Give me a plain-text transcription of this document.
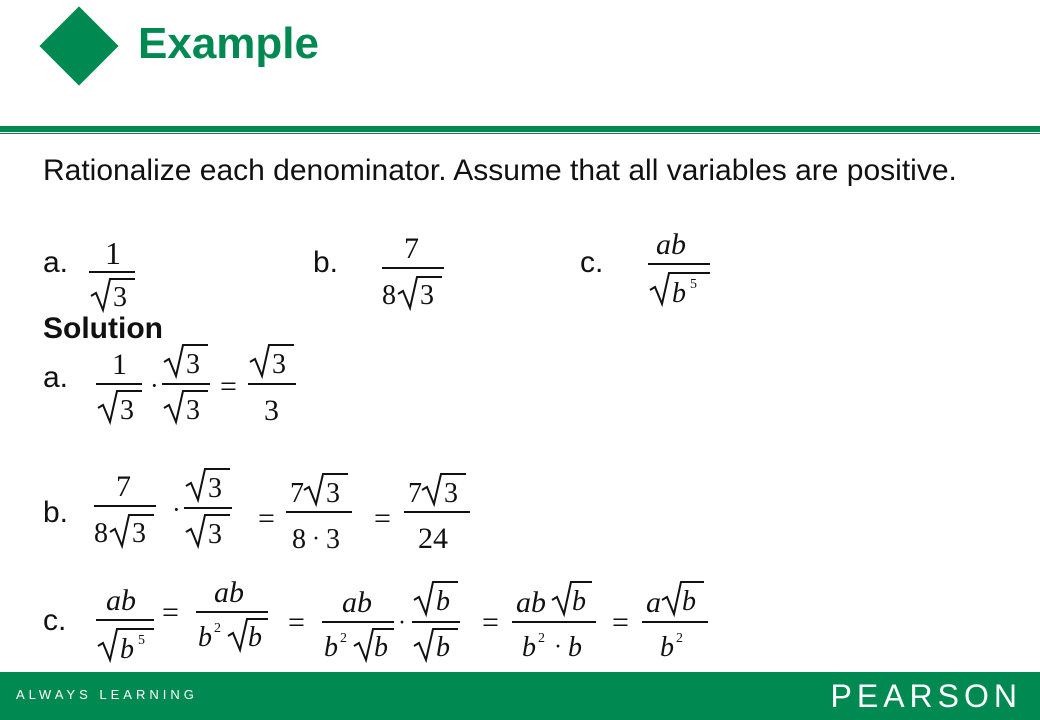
Example
Rationalize each denominator. Assume that all variables are positive.
a.	b.	c.
1
3
7
8 3
ab
b 5
Solution
a.
b.
c.
1
3
·
3
3
=
3
3
7
8 3
·
3
3 =
7 3
8 · 3
=
7 3
24
ab
b 5
=
ab
b 2 b =
ab
b 2 b
·
b
b
=
ab b
b 2 · b
=
a b
b 2
ALWAYS LEARNING	PEARSON
